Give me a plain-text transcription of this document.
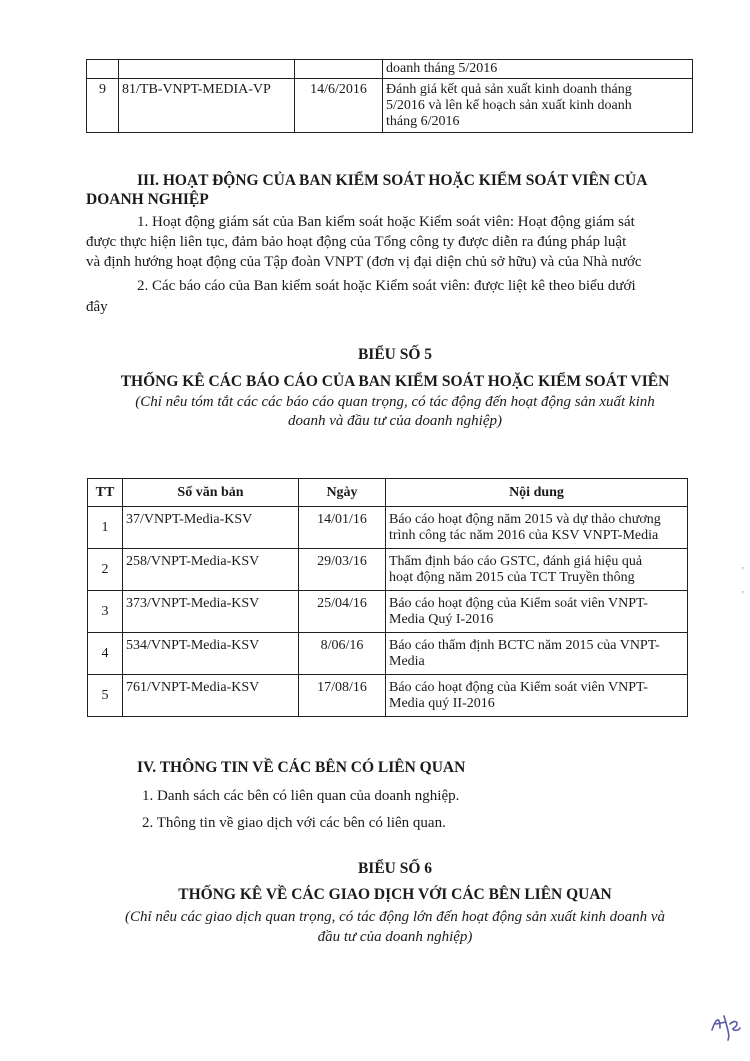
			doanh tháng 5/2016
9	81/TB-VNPT-MEDIA-VP	14/6/2016	Đánh giá kết quả sản xuất kinh doanh tháng
5/2016 và lên kế hoạch sản xuất kinh doanh
tháng 6/2016
III. HOẠT ĐỘNG CỦA BAN KIỂM SOÁT HOẶC KIỂM SOÁT VIÊN CỦA
DOANH NGHIỆP
1. Hoạt động giám sát của Ban kiểm soát hoặc Kiểm soát viên: Hoạt động giám sát
được thực hiện liên tục, đảm bảo hoạt động của Tổng công ty được diễn ra đúng pháp luật
và định hướng hoạt động của Tập đoàn VNPT (đơn vị đại diện chủ sở hữu) và của Nhà nước
2. Các báo cáo của Ban kiểm soát hoặc Kiểm soát viên: được liệt kê theo biểu dưới
đây
BIỂU SỐ 5
THỐNG KÊ CÁC BÁO CÁO CỦA BAN KIỂM SOÁT HOẶC KIỂM SOÁT VIÊN
(Chỉ nêu tóm tắt các các báo cáo quan trọng, có tác động đến hoạt động sản xuất kinh
doanh và đầu tư của doanh nghiệp)
TT	Số văn bản	Ngày	Nội dung
1	37/VNPT-Media-KSV	14/01/16	Báo cáo hoạt động năm 2015 và dự thảo chương
trình công tác năm 2016 của KSV VNPT-Media

2	258/VNPT-Media-KSV	29/03/16	Thẩm định báo cáo GSTC, đánh giá hiệu quả
hoạt động năm 2015 của TCT Truyền thông

3	373/VNPT-Media-KSV	25/04/16	Báo cáo hoạt động của Kiểm soát viên VNPT-
Media Quý I-2016

4	534/VNPT-Media-KSV	8/06/16	Báo cáo thẩm định BCTC năm 2015 của VNPT-
Media

5	761/VNPT-Media-KSV	17/08/16	Báo cáo hoạt động của Kiểm soát viên VNPT-
Media quý II-2016
IV. THÔNG TIN VỀ CÁC BÊN CÓ LIÊN QUAN
1. Danh sách các bên có liên quan của doanh nghiệp.
2. Thông tin về giao dịch với các bên có liên quan.
BIỂU SỐ 6
THỐNG KÊ VỀ CÁC GIAO DỊCH VỚI CÁC BÊN LIÊN QUAN
(Chỉ nêu các giao dịch quan trọng, có tác động lớn đến hoạt động sản xuất kinh doanh và
đầu tư của doanh nghiệp)
'
'
